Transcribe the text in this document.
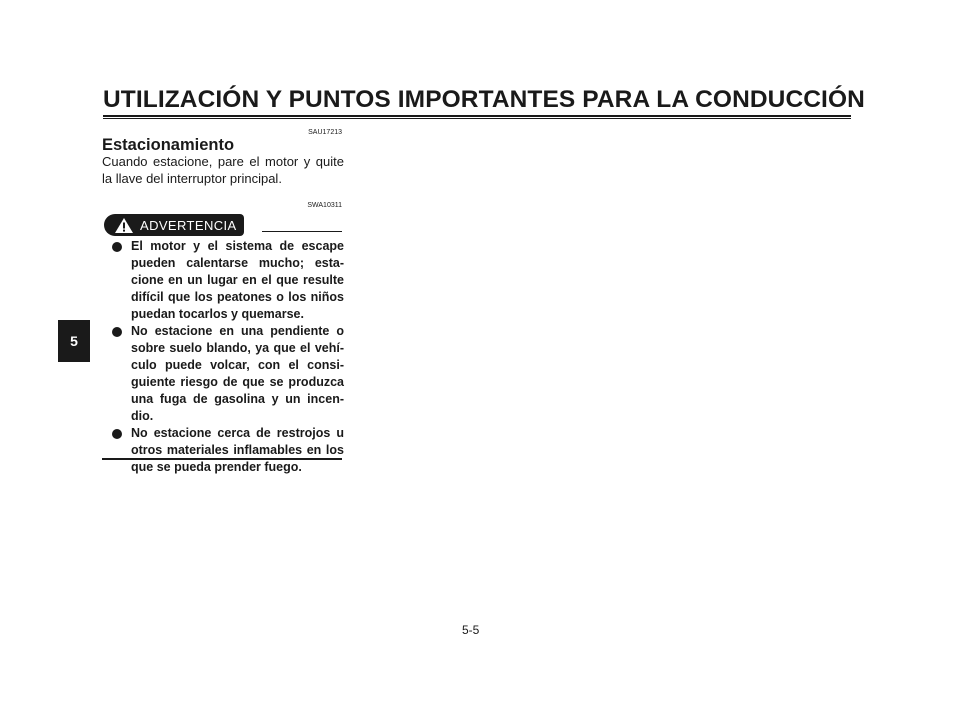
UTILIZACIÓN Y PUNTOS IMPORTANTES PARA LA CONDUCCIÓN
5
SAU17213
Estacionamiento
Cuando estacione, pare el motor y quite la llave del interruptor principal.
SWA10311
ADVERTENCIA
El motor y el sistema de escape pueden calentarse mucho; esta- cione en un lugar en el que resulte difícil que los peatones o los niños puedan tocarlos y quemarse.
No estacione en una pendiente o sobre suelo blando, ya que el vehí- culo puede volcar, con el consi- guiente riesgo de que se produzca una fuga de gasolina y un incen- dio.
No estacione cerca de restrojos u otros materiales inflamables en los que se pueda prender fuego.
5-5
